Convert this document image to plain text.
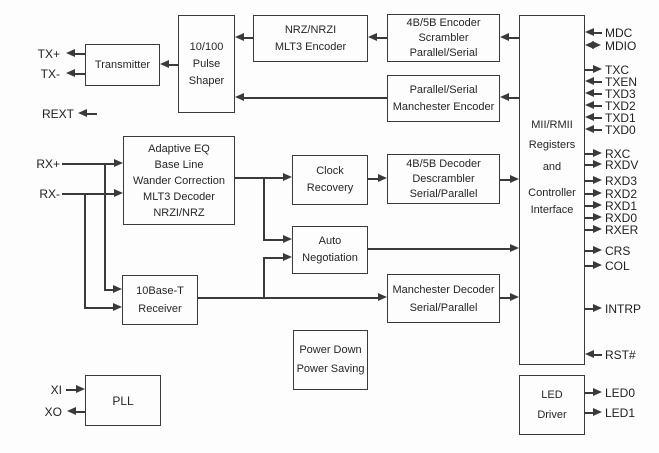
Transmitter
10/100
Pulse
Shaper
NRZ/NRZI
MLT3 Encoder
4B/5B Encoder
Scrambler
Parallel/Serial
Parallel/Serial
Manchester Encoder
MII/RMII
Registers
and
Controller
Interface
Adaptive EQ
Base Line
Wander Correction
MLT3 Decoder
NRZI/NRZ
Clock
Recovery
4B/5B Decoder
Descrambler
Serial/Parallel
Auto
Negotiation
10Base-T
Receiver
Manchester Decoder
Serial/Parallel
Power Down
Power Saving
PLL	LED
Driver
TX+
TX-
REXT
RX+
RX-
XI
XO
MDC
MDIO
TXC
TXEN
TXD3
TXD2
TXD1
TXD0
RXC
RXDV
RXD3
RXD2
RXD1
RXD0
RXER
CRS
COL
INTRP
RST#
LED0
LED1
